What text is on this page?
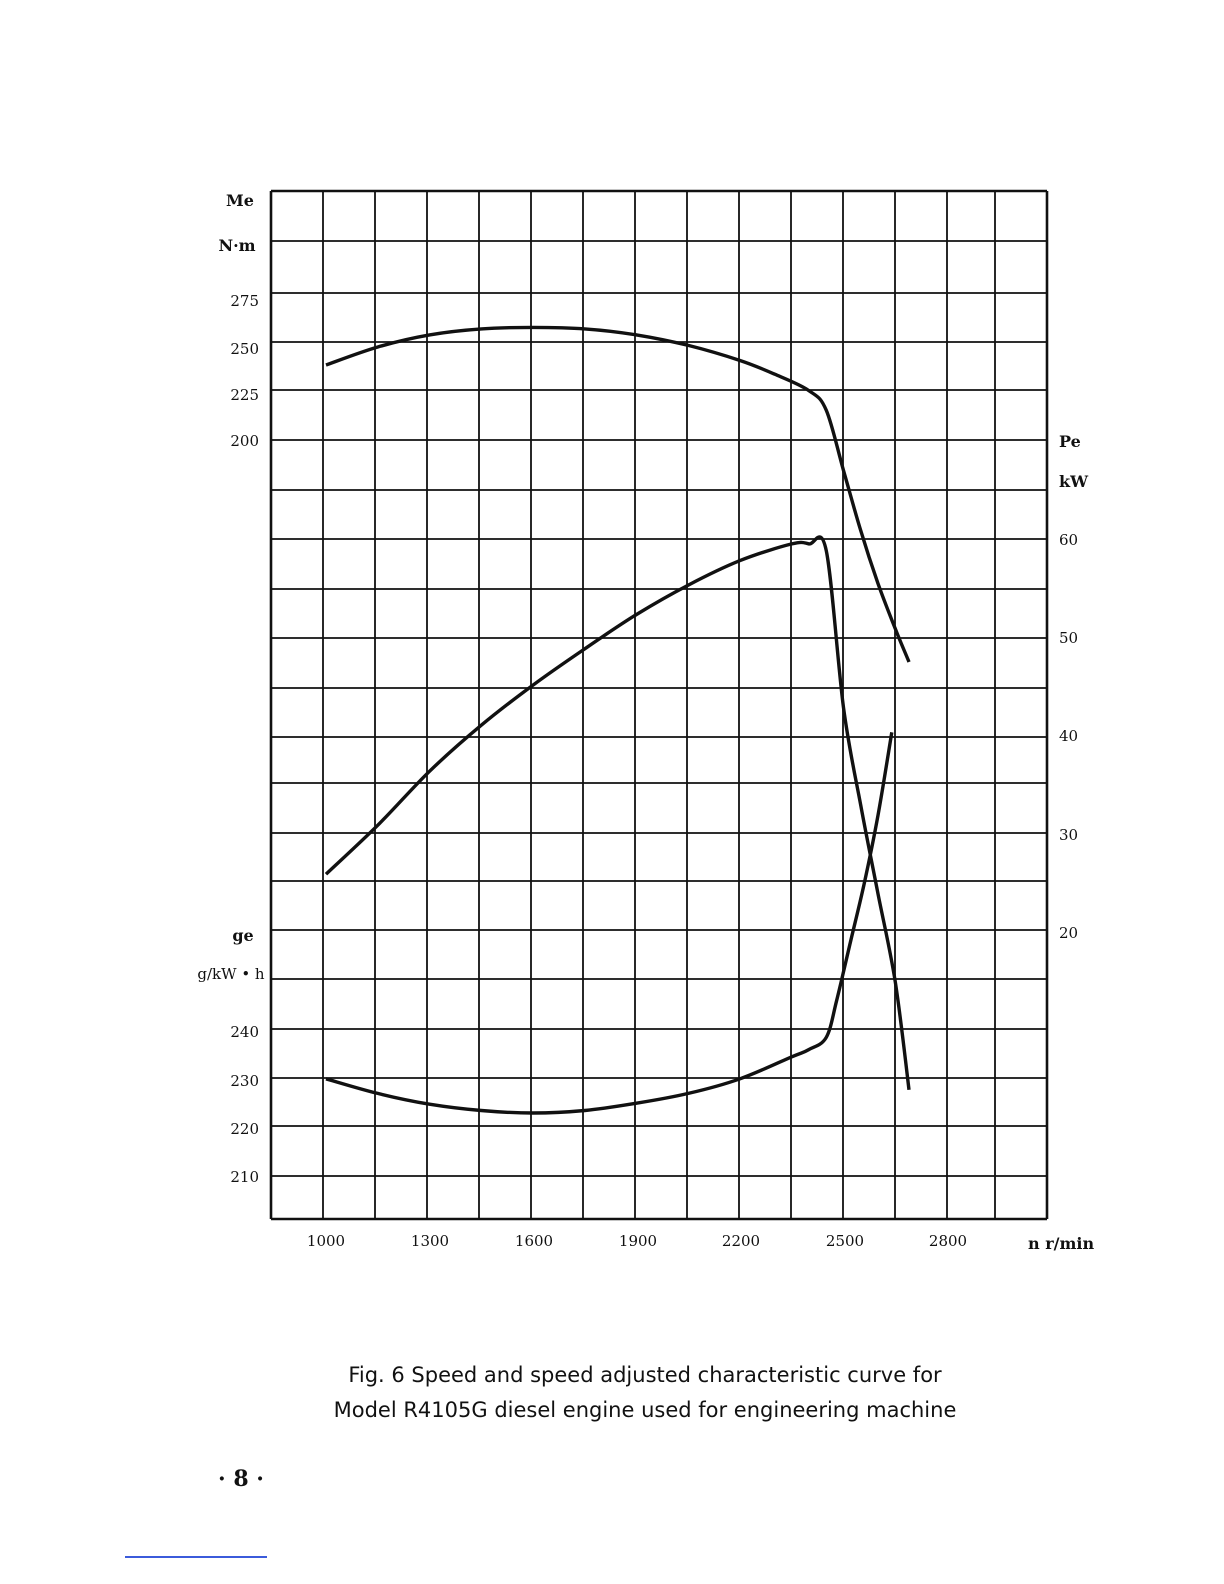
Me
N·m
275
250
225
200
ge
g/kW • h
240
230
220
210
Pe
kW
60
50
40
30
20
1000	1300	1600	1900	2200	2500	2800	n r/min
Fig. 6 Speed and speed adjusted characteristic curve for
Model R4105G diesel engine used for engineering machine
· 8 ·
